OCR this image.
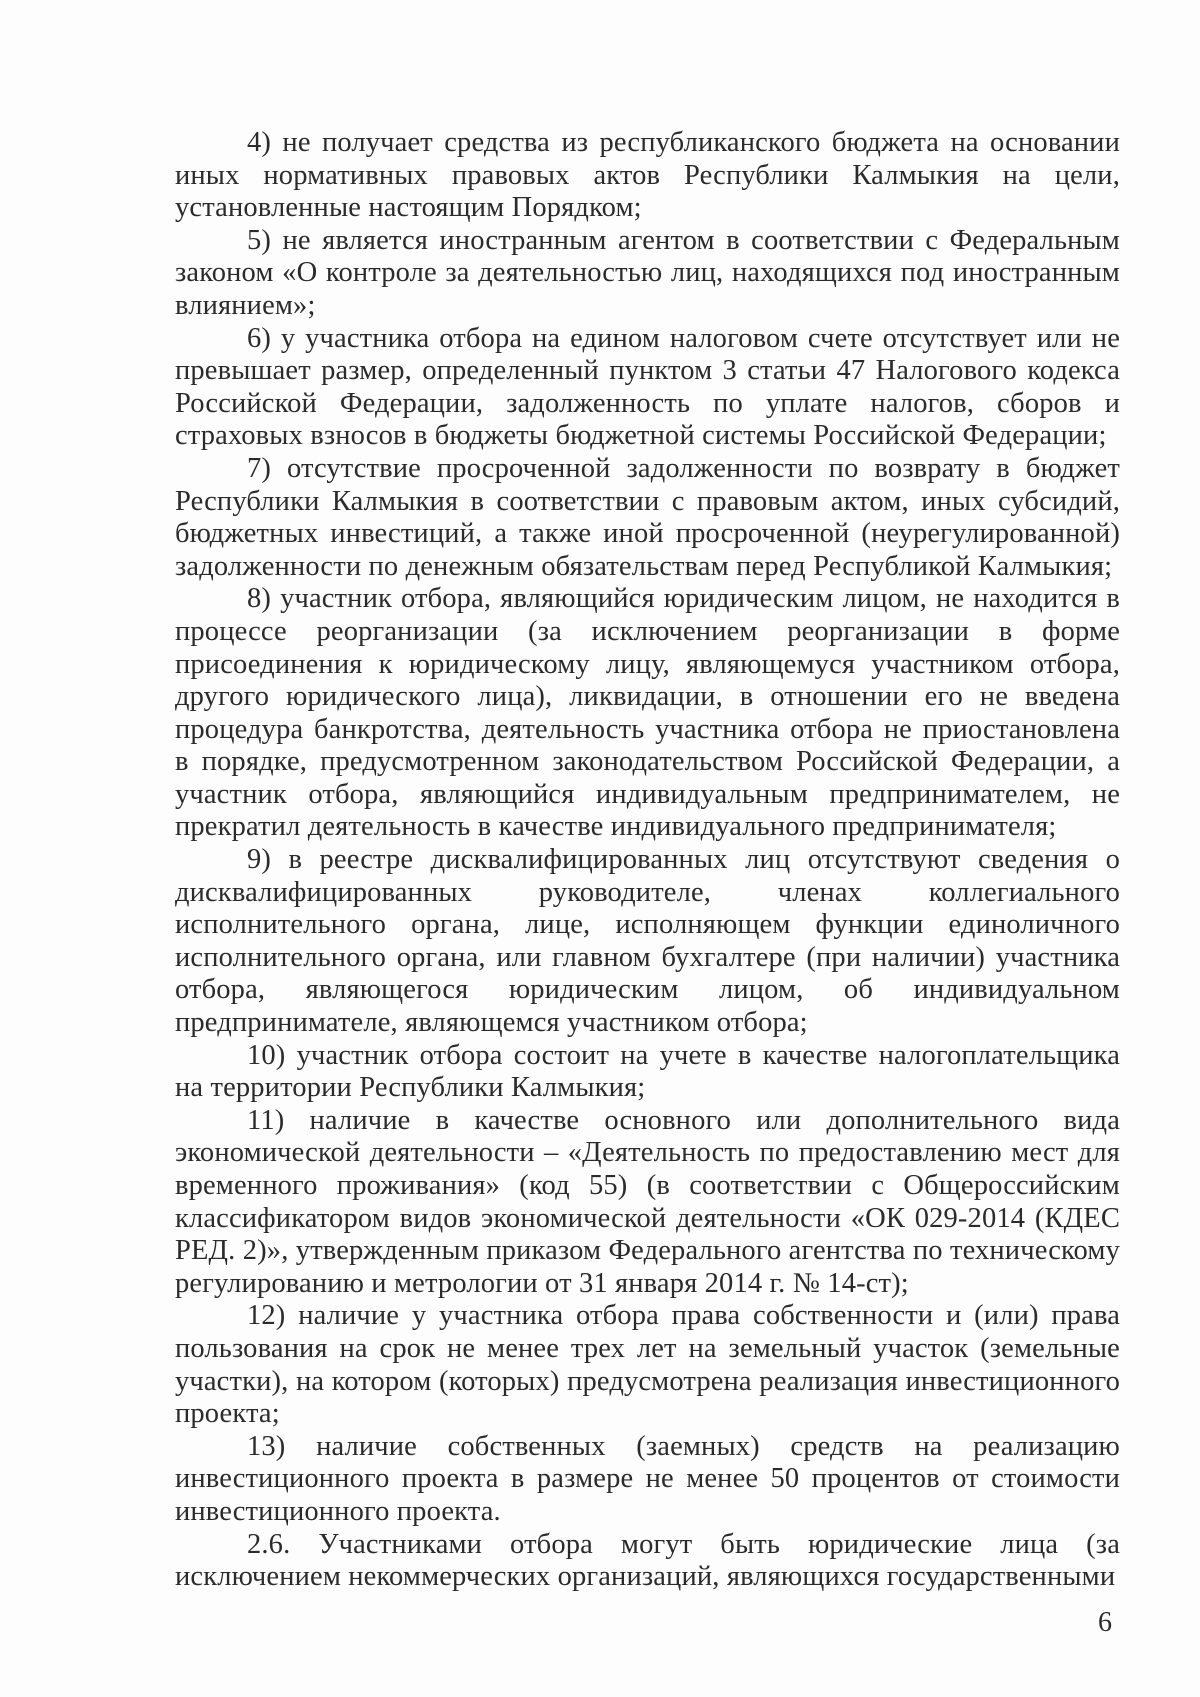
4) не получает средства из республиканского бюджета на основании иных нормативных правовых актов Республики Калмыкия на цели, установленные настоящим Порядком;

5) не является иностранным агентом в соответствии с Федеральным законом «О контроле за деятельностью лиц, находящихся под иностранным влиянием»;

6) у участника отбора на едином налоговом счете отсутствует или не превышает размер, определенный пунктом 3 статьи 47 Налогового кодекса Российской Федерации, задолженность по уплате налогов, сборов и страховых взносов в бюджеты бюджетной системы Российской Федерации;

7) отсутствие просроченной задолженности по возврату в бюджет Республики Калмыкия в соответствии с правовым актом, иных субсидий, бюджетных инвестиций, а также иной просроченной (неурегулированной) задолженности по денежным обязательствам перед Республикой Калмыкия;

8) участник отбора, являющийся юридическим лицом, не находится в процессе реорганизации (за исключением реорганизации в форме присоединения к юридическому лицу, являющемуся участником отбора, другого юридического лица), ликвидации, в отношении его не введена процедура банкротства, деятельность участника отбора не приостановлена в порядке, предусмотренном законодательством Российской Федерации, а участник отбора, являющийся индивидуальным предпринимателем, не прекратил деятельность в качестве индивидуального предпринимателя;

9) в реестре дисквалифицированных лиц отсутствуют сведения о дисквалифицированных руководителе, членах коллегиального исполнительного органа, лице, исполняющем функции единоличного исполнительного органа, или главном бухгалтере (при наличии) участника отбора, являющегося юридическим лицом, об индивидуальном предпринимателе, являющемся участником отбора;

10) участник отбора состоит на учете в качестве налогоплательщика на территории Республики Калмыкия;

11) наличие в качестве основного или дополнительного вида экономической деятельности – «Деятельность по предоставлению мест для временного проживания» (код 55) (в соответствии с Общероссийским классификатором видов экономической деятельности «ОК 029-2014 (КДЕС РЕД. 2)», утвержденным приказом Федерального агентства по техническому регулированию и метрологии от 31 января 2014 г. № 14-ст);

12) наличие у участника отбора права собственности и (или) права пользования на срок не менее трех лет на земельный участок (земельные участки), на котором (которых) предусмотрена реализация инвестиционного проекта;

13) наличие собственных (заемных) средств на реализацию инвестиционного проекта в размере не менее 50 процентов от стоимости инвестиционного проекта.

2.6. Участниками отбора могут быть юридические лица (за исключением некоммерческих организаций, являющихся государственными

6
